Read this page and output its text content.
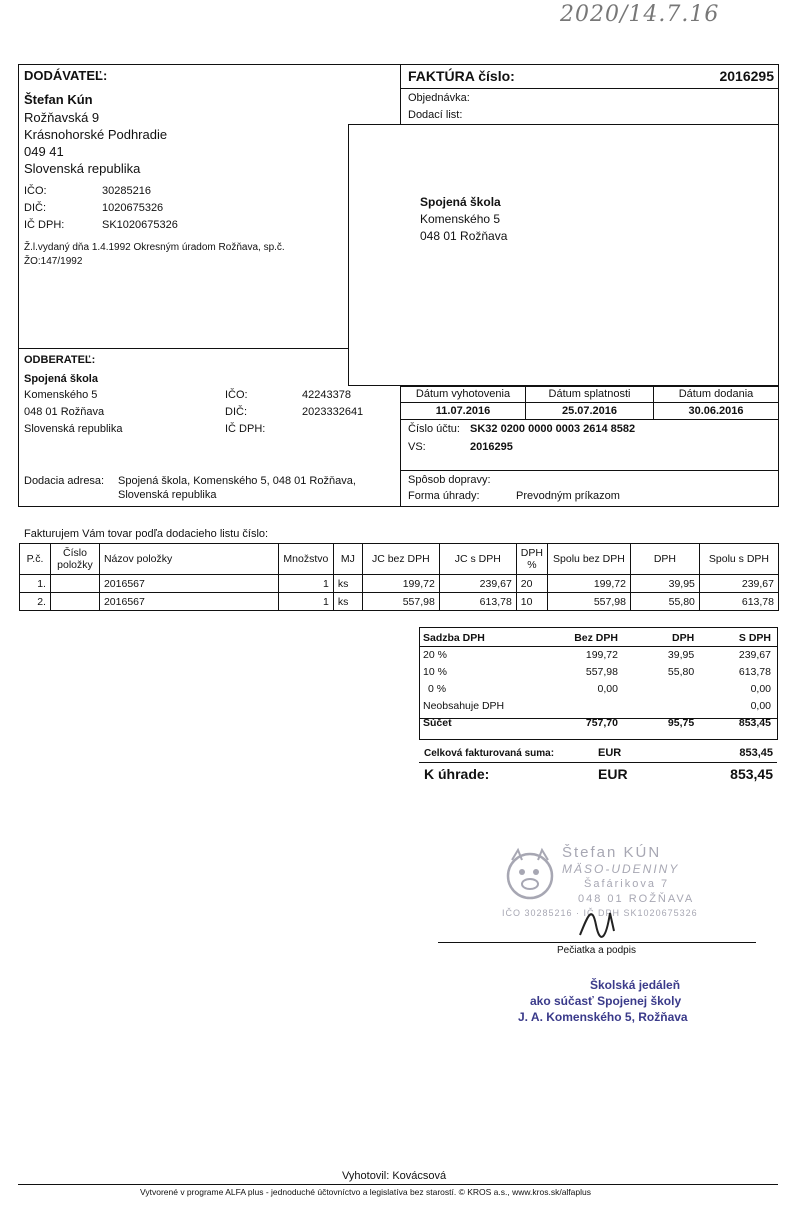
2020/14.7.16
DODÁVATEĽ:
Štefan Kún
Rožňavská 9
Krásnohorské Podhradie
049 41
Slovenská republika
IČO:	30285216
DIČ:	1020675326
IČ DPH:	SK1020675326
Ž.l.vydaný dňa 1.4.1992 Okresným úradom Rožňava, sp.č.
ŽO:147/1992
FAKTÚRA číslo:	2016295
Objednávka:
Dodací list:
Spojená škola
Komenského 5
048 01 Rožňava
ODBERATEĽ:
Spojená škola
Komenského 5
048 01 Rožňava
Slovenská republika
IČO:	42243378
DIČ:	2023332641
IČ DPH:
Dodacia adresa: Spojená škola, Komenského 5, 048 01 Rožňava,
Slovenská republika
Dátum vyhotovenia	Dátum splatnosti	Dátum dodania
11.07.2016	25.07.2016	30.06.2016
Číslo účtu: SK32 0200 0000 0003 2614 8582
VS:	2016295
Spôsob dopravy:
Forma úhrady:	Prevodným príkazom
Fakturujem Vám tovar podľa dodacieho listu číslo:
P.č.	Číslo položky	Názov položky	Množstvo	MJ	JC bez DPH	JC s DPH	DPH %	Spolu bez DPH	DPH	Spolu s DPH
1.		2016567	1	ks	199,72	239,67	20	199,72	39,95	239,67
2.		2016567	1	ks	557,98	613,78	10	557,98	55,80	613,78
Sadzba DPH	Bez DPH	DPH	S DPH
20 %	199,72	39,95	239,67
10 %	557,98	55,80	613,78
0 %	0,00		0,00
Neobsahuje DPH			0,00
Súčet	757,70	95,75	853,45
Celková fakturovaná suma:	EUR	853,45
K úhrade:	EUR	853,45
Štefan KÚN
MÄSO-UDENINY
Šafárikova 7
048 01 ROŽŇAVA
IČO 30285216 · IČ DPH SK1020675326
Pečiatka a podpis
Školská jedáleň
ako súčasť Spojenej školy
J. A. Komenského 5, Rožňava
Vyhotovil: Kovácsová
Vytvorené v programe ALFA plus - jednoduché účtovníctvo a legislatíva bez starostí. © KROS a.s., www.kros.sk/alfaplus
